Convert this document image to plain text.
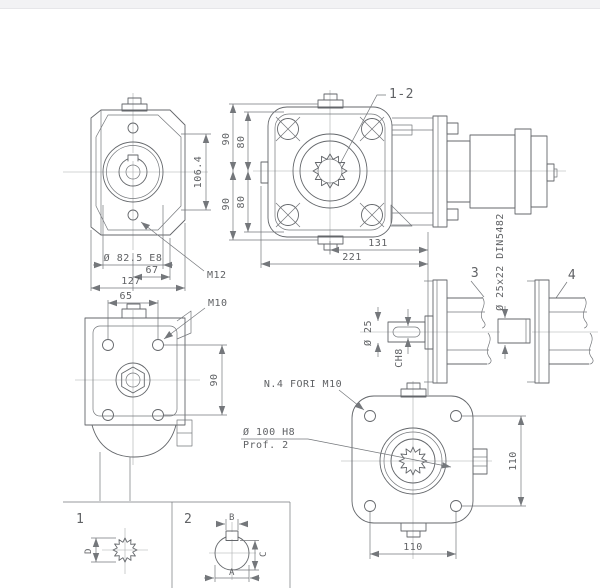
106.4
Ø 82.5 E8
67
127
65
M12
M10
90
1-2
90 80
90 80
131
221
3
Ø 25
CH8
4
Ø 25x22 DIN5482
N.4 FORI M10
Ø 100 H8
Prof. 2
110
110
1
D
2	B
C
A
